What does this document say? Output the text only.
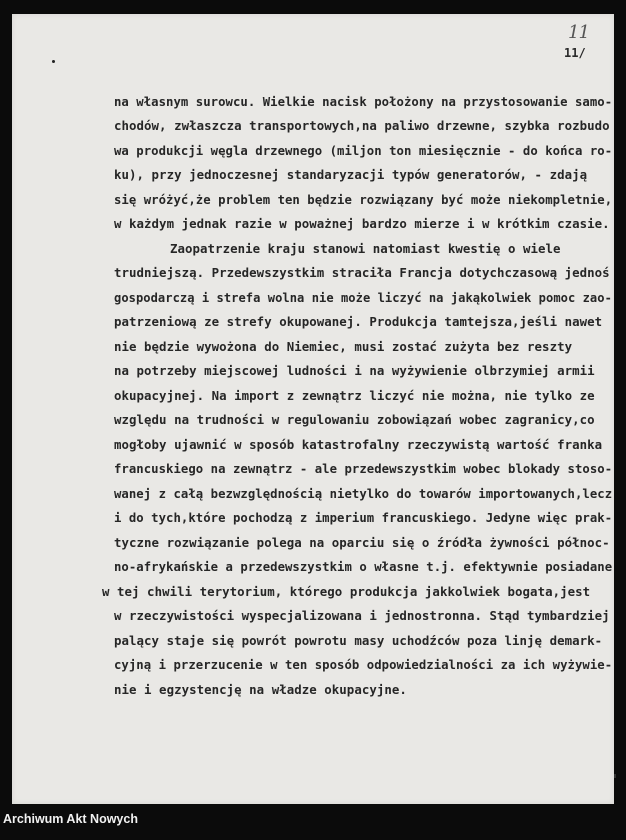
11
11/
na własnym surowcu. Wielkie nacisk położony na przystosowanie samo-
chodów, zwłaszcza transportowych,na paliwo drzewne, szybka rozbudo
wa produkcji węgla drzewnego (miljon ton miesięcznie - do końca ro-
ku), przy jednoczesnej standaryzacji typów generatorów, - zdają
się wróżyć,że problem ten będzie rozwiązany być może niekompletnie,
w każdym jednak razie w poważnej bardzo mierze i w krótkim czasie.
Zaopatrzenie kraju stanowi natomiast kwestię o wiele
trudniejszą. Przedewszystkim straciła Francja dotychczasową jednoś
gospodarczą i strefa wolna nie może liczyć na jakąkolwiek pomoc zao-
patrzeniową ze strefy okupowanej. Produkcja tamtejsza,jeśli nawet
nie będzie wywożona do Niemiec, musi zostać zużyta bez reszty
na potrzeby miejscowej ludności i na wyżywienie olbrzymiej armii
okupacyjnej. Na import z zewnątrz liczyć nie można, nie tylko ze
względu na trudności w regulowaniu zobowiązań wobec zagranicy,co
mogłoby ujawnić w sposób katastrofalny rzeczywistą wartość franka
francuskiego na zewnątrz - ale przedewszystkim wobec blokady stoso-
wanej z całą bezwzględnością nietylko do towarów importowanych,lecz
i do tych,które pochodzą z imperium francuskiego. Jedyne więc prak-
tyczne rozwiązanie polega na oparciu się o źródła żywności północ-
no-afrykańskie a przedewszystkim o własne t.j. efektywnie posiadane
w tej chwili terytorium, którego produkcja jakkolwiek bogata,jest
w rzeczywistości wyspecjalizowana i jednostronna. Stąd tymbardziej
palący staje się powrót powrotu masy uchodźców poza linję demark-
cyjną i przerzucenie w ten sposób odpowiedzialności za ich wyżywie-
nie i egzystencję na władze okupacyjne.
Archiwum Akt Nowych
